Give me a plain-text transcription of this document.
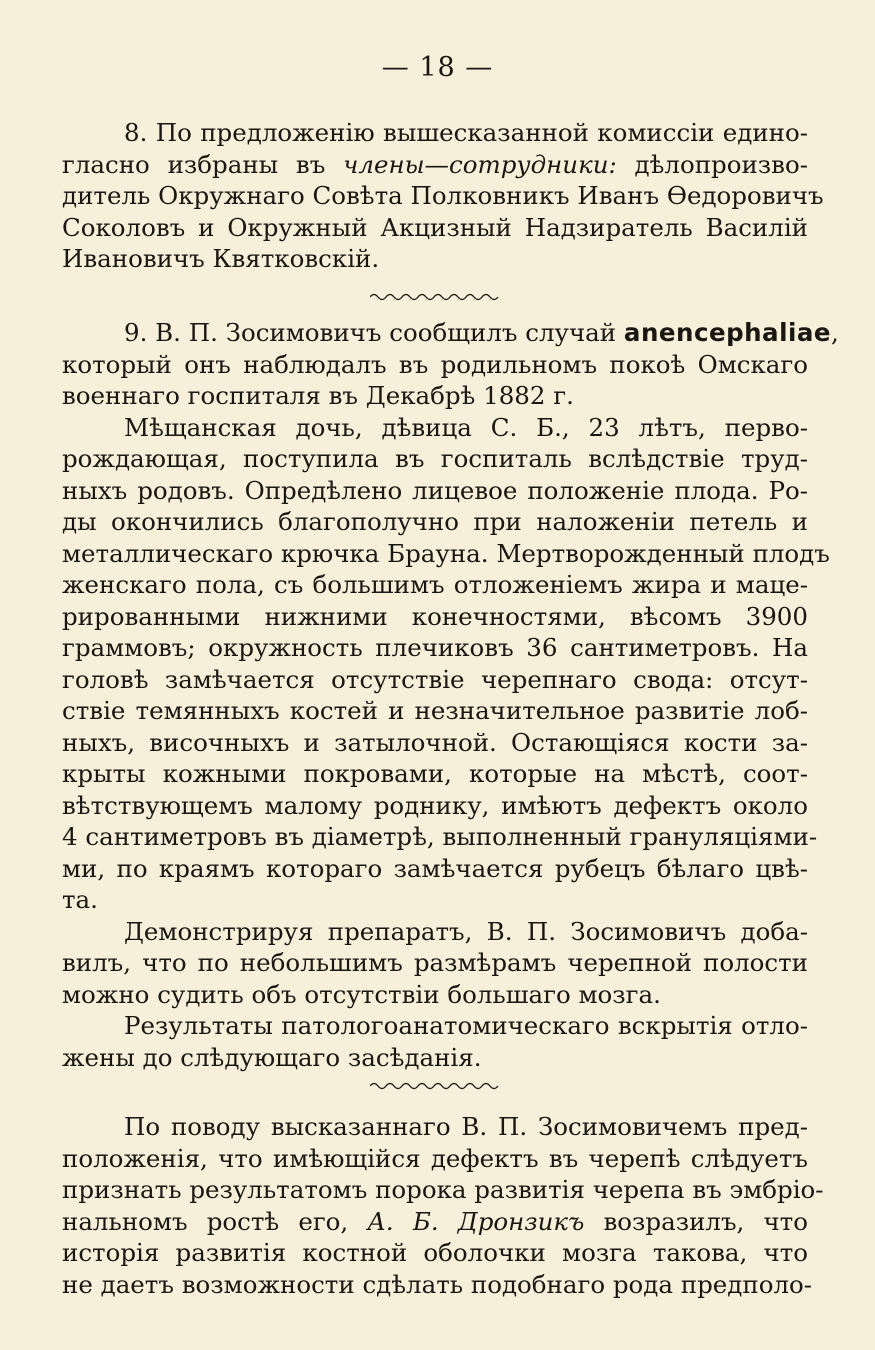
— 18 —
8. По предложенію вышесказанной комиссіи едино-
гласно избраны въ члены—сотрудники: дѣлопроизво-
дитель Окружнаго Совѣта Полковникъ Иванъ Ѳедоровичъ
Соколовъ и Окружный Акцизный Надзиратель Василій
Ивановичъ Квятковскій.
9. В. П. Зосимовичъ сообщилъ случай anencephaliae,
который онъ наблюдалъ въ родильномъ покоѣ Омскаго
военнаго госпиталя въ Декабрѣ 1882 г.
Мѣщанская дочь, дѣвица С. Б., 23 лѣтъ, перво-
рождающая, поступила въ госпиталь вслѣдствіе труд-
ныхъ родовъ. Опредѣлено лицевое положеніе плода. Ро-
ды окончились благополучно при наложеніи петель и
металлическаго крючка Брауна. Мертворожденный плодъ
женскаго пола, съ большимъ отложеніемъ жира и маце-
рированными нижними конечностями, вѣсомъ 3900
граммовъ; окружность плечиковъ 36 сантиметровъ. На
головѣ замѣчается отсутствіе черепнаго свода: отсут-
ствіе темянныхъ костей и незначительное развитіе лоб-
ныхъ, височныхъ и затылочной. Остающіяся кости за-
крыты кожными покровами, которые на мѣстѣ, соот-
вѣтствующемъ малому роднику, имѣютъ дефектъ около
4 сантиметровъ въ діаметрѣ, выполненный грануляціями-
ми, по краямъ котораго замѣчается рубецъ бѣлаго цвѣ-
та.
Демонстрируя препаратъ, В. П. Зосимовичъ доба-
вилъ, что по небольшимъ размѣрамъ черепной полости
можно судить объ отсутствіи большаго мозга.
Результаты патологоанатомическаго вскрытія отло-
жены до слѣдующаго засѣданія.
По поводу высказаннаго В. П. Зосимовичемъ пред-
положенія, что имѣющійся дефектъ въ черепѣ слѣдуетъ
признать результатомъ порока развитія черепа въ эмбріо-
нальномъ ростѣ его, А. Б. Дронзикъ возразилъ, что
исторія развитія костной оболочки мозга такова, что
не даетъ возможности сдѣлать подобнаго рода предполо-
